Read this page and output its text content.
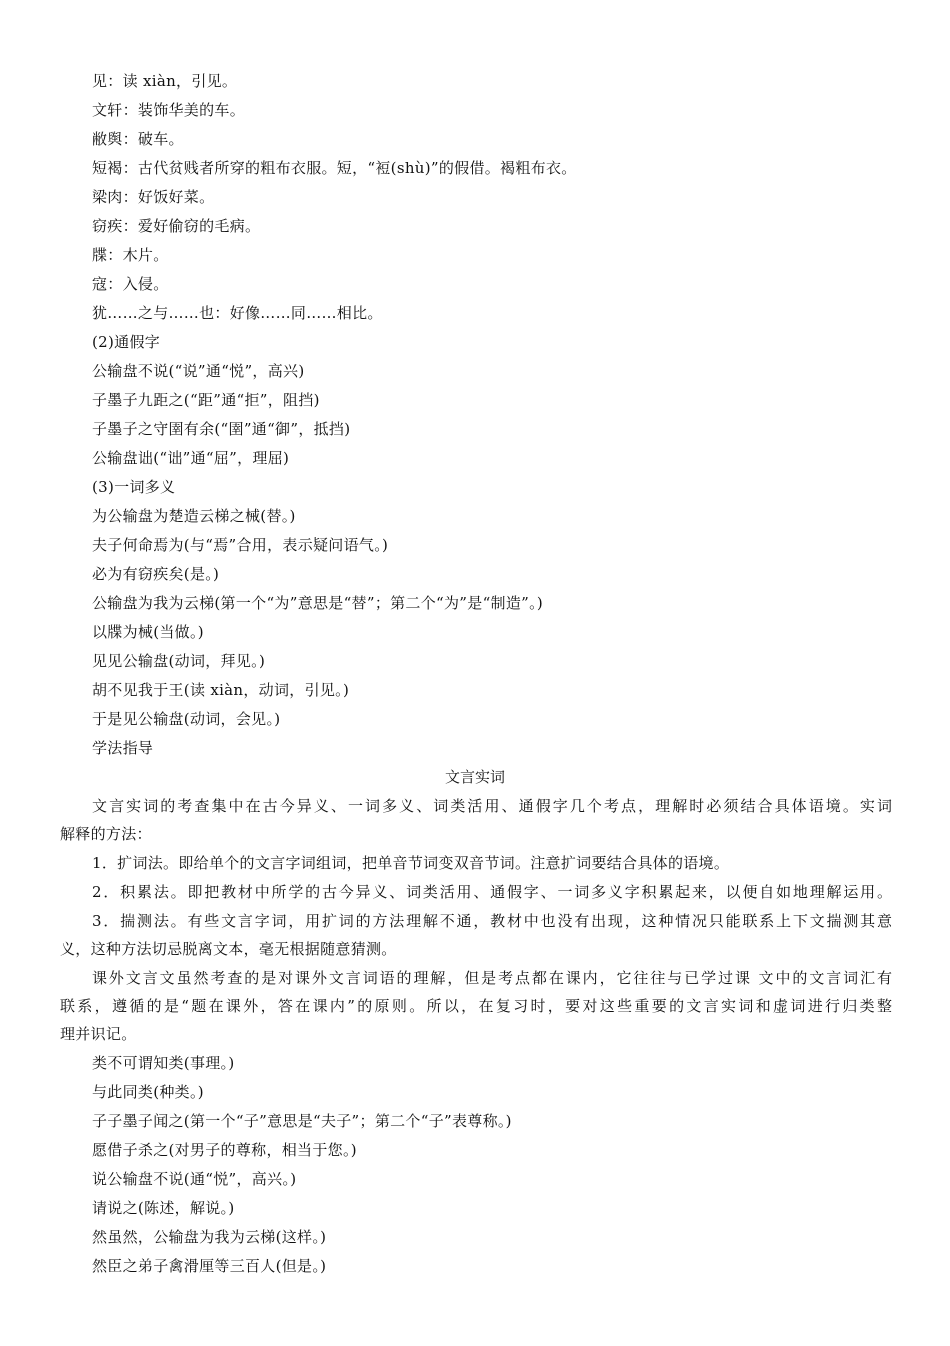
见：读 xiàn，引见。
文轩：装饰华美的车。
敝舆：破车。
短褐：古代贫贱者所穿的粗布衣服。短，“裋(shù)”的假借。褐粗布衣。
梁肉：好饭好菜。
窃疾：爱好偷窃的毛病。
牒：木片。
寇：入侵。
犹……之与……也：好像……同……相比。
(2)通假字
公输盘不说(“说”通“悦”，高兴)
子墨子九距之(“距”通“拒”，阻挡)
子墨子之守圉有余(“圉”通“御”，抵挡)
公输盘诎(“诎”通“屈”，理屈)
(3)一词多义
为公输盘为楚造云梯之械(替。)
夫子何命焉为(与“焉”合用，表示疑问语气。)
必为有窃疾矣(是。)
公输盘为我为云梯(第一个“为”意思是“替”；第二个“为”是“制造”。)
以牒为械(当做。)
见见公输盘(动词，拜见。)
胡不见我于王(读 xiàn，动词，引见。)
于是见公输盘(动词，会见。)
学法指导
文言实词
文言实词的考查集中在古今异义、一词多义、词类活用、通假字几个考点，理解时必须结合具体语境。实词
解释的方法：
1．扩词法。即给单个的文言字词组词，把单音节词变双音节词。注意扩词要结合具体的语境。
2．积累法。即把教材中所学的古今异义、词类活用、通假字、一词多义字积累起来，以便自如地理解运用。
3．揣测法。有些文言字词，用扩词的方法理解不通，教材中也没有出现，这种情况只能联系上下文揣测其意
义，这种方法切忌脱离文本，毫无根据随意猜测。
课外文言文虽然考查的是对课外文言词语的理解，但是考点都在课内，它往往与已学过课 文中的文言词汇有
联系，遵循的是“题在课外，答在课内”的原则。所以，在复习时，要对这些重要的文言实词和虚词进行归类整
理并识记。
类不可谓知类(事理。)
与此同类(种类。)
子子墨子闻之(第一个“子”意思是“夫子”；第二个“子”表尊称。)
愿借子杀之(对男子的尊称，相当于您。)
说公输盘不说(通“悦”，高兴。)
请说之(陈述，解说。)
然虽然，公输盘为我为云梯(这样。)
然臣之弟子禽滑厘等三百人(但是。)
